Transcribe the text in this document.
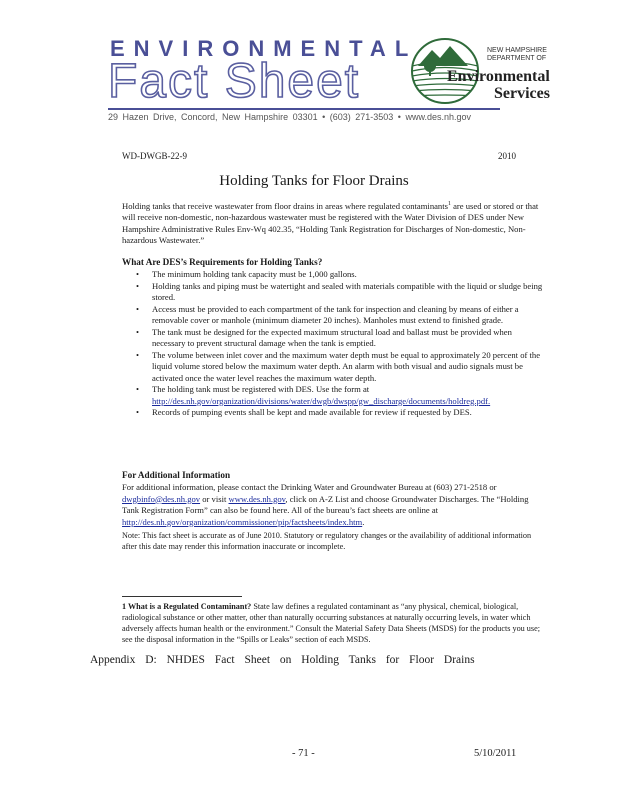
ENVIRONMENTAL
Fact Sheet
NEW HAMPSHIRE
DEPARTMENT OF
Environmental
Services
29 Hazen Drive, Concord, New Hampshire 03301 • (603) 271-3503 • www.des.nh.gov
WD-DWGB-22-9	2010
Holding Tanks for Floor Drains

Holding tanks that receive wastewater from floor drains in areas where regulated contaminants$^1$ are used or stored or that will receive non-domestic, non-hazardous wastewater must be registered with the Water Division of DES under New Hampshire Administrative Rules Env-Wq 402.35, “Holding Tank Registration for Discharges of Non-domestic, Non-hazardous Wastewater.”

What Are DES’s Requirements for Holding Tanks?
• The minimum holding tank capacity must be 1,000 gallons.
• Holding tanks and piping must be watertight and sealed with materials compatible with the liquid or sludge being stored.
• Access must be provided to each compartment of the tank for inspection and cleaning by means of either a removable cover or manhole (minimum diameter 20 inches). Manholes must extend to finished grade.
• The tank must be designed for the expected maximum structural load and ballast must be provided when necessary to prevent structural damage when the tank is emptied.
• The volume between inlet cover and the maximum water depth must be equal to approximately 20 percent of the liquid volume stored below the maximum water depth. An alarm with both visual and audio signals must be activated once the water level reaches the maximum water depth.
• The holding tank must be registered with DES. Use the form at
http://des.nh.gov/organization/divisions/water/dwgb/dwspp/gw_discharge/documents/holdreg.pdf.
• Records of pumping events shall be kept and made available for review if requested by DES.
For Additional Information

For additional information, please contact the Drinking Water and Groundwater Bureau at (603) 271-2518 or dwgbinfo@des.nh.gov or visit www.des.nh.gov, click on A-Z List and choose Groundwater Discharges. The “Holding Tank Registration Form” can also be found here. All of the bureau’s fact sheets are online at http://des.nh.gov/organization/commissioner/pip/factsheets/index.htm.

Note: This fact sheet is accurate as of June 2010. Statutory or regulatory changes or the availability of additional information after this date may render this information inaccurate or incomplete.

1 What is a Regulated Contaminant? State law defines a regulated contaminant as “any physical, chemical, biological, radiological substance or other matter, other than naturally occurring substances at naturally occurring levels, in water which adversely affects human health or the environment.” Consult the Material Safety Data Sheets (MSDS) for the products you use; see the disposal information in the “Spills or Leaks” section of each MSDS.

Appendix D: NHDES Fact Sheet on Holding Tanks for Floor Drains
- 71 -	5/10/2011
